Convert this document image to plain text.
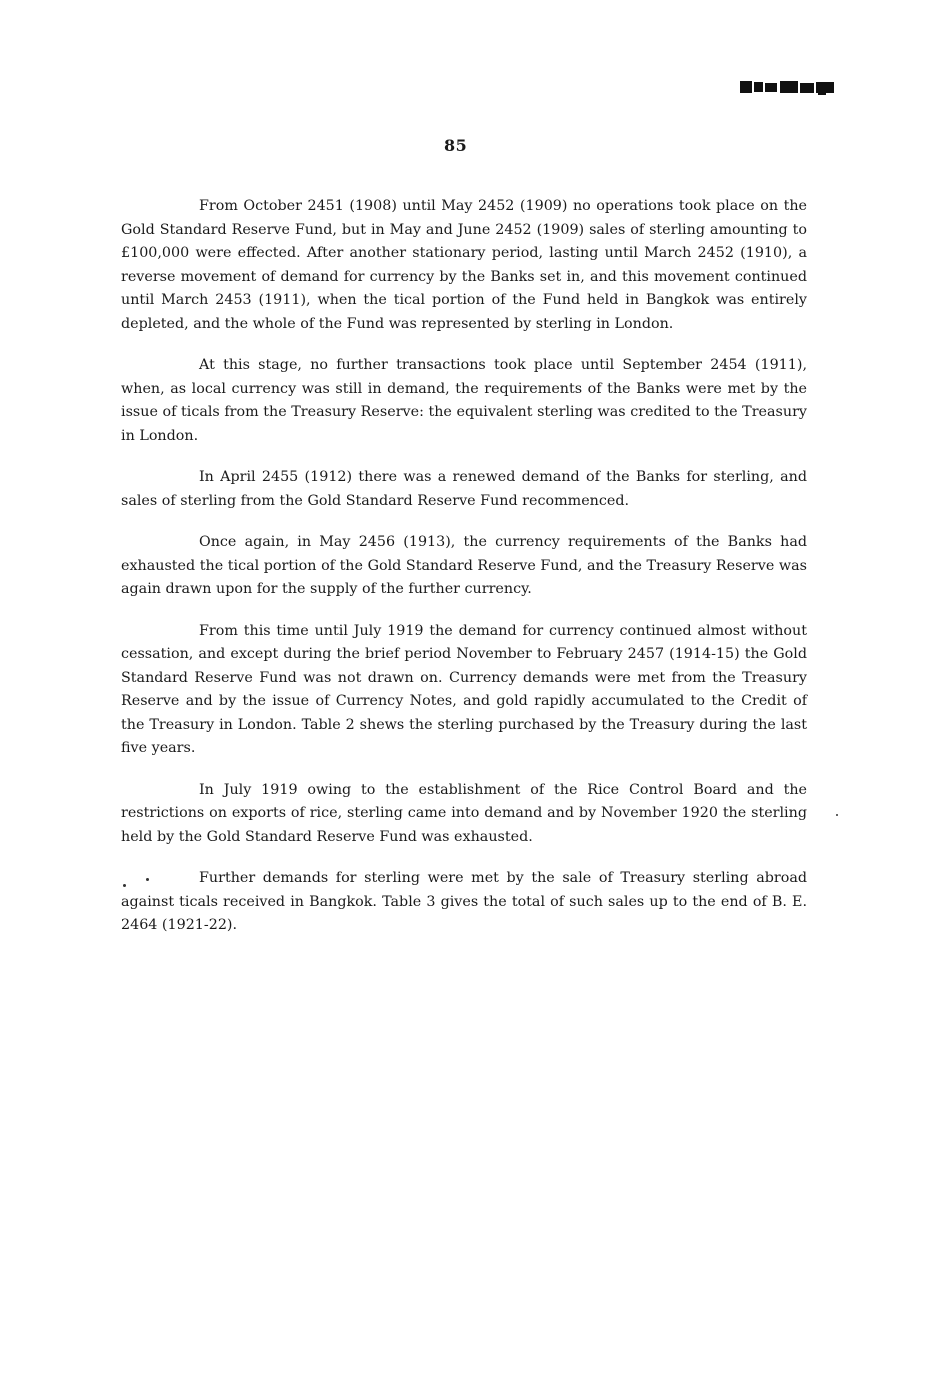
III.-C. Exchange.
85

From October 2451 (1908) until May 2452 (1909) no operations took place on the Gold Standard Reserve Fund, but in May and June 2452 (1909) sales of sterling amounting to £100,000 were effected. After another stationary period, lasting until March 2452 (1910), a reverse movement of demand for currency by the Banks set in, and this movement continued until March 2453 (1911), when the tical portion of the Fund held in Bangkok was entirely depleted, and the whole of the Fund was represented by sterling in London.

At this stage, no further transactions took place until September 2454 (1911), when, as local currency was still in demand, the requirements of the Banks were met by the issue of ticals from the Treasury Reserve: the equivalent sterling was credited to the Treasury in London.

In April 2455 (1912) there was a renewed demand of the Banks for sterling, and sales of sterling from the Gold Standard Reserve Fund recommenced.

Once again, in May 2456 (1913), the currency requirements of the Banks had exhausted the tical portion of the Gold Standard Reserve Fund, and the Treasury Reserve was again drawn upon for the supply of the further currency.

From this time until July 1919 the demand for currency continued almost without cessation, and except during the brief period November to February 2457 (1914-15) the Gold Standard Reserve Fund was not drawn on. Currency demands were met from the Treasury Reserve and by the issue of Currency Notes, and gold rapidly accumulated to the Credit of the Treasury in London. Table 2 shews the sterling purchased by the Treasury during the last five years.

In July 1919 owing to the establishment of the Rice Control Board and the restrictions on exports of rice, sterling came into demand and by November 1920 the sterling held by the Gold Standard Reserve Fund was exhausted.

Further demands for sterling were met by the sale of Treasury sterling abroad against ticals received in Bangkok. Table 3 gives the total of such sales up to the end of B. E. 2464 (1921-22).
